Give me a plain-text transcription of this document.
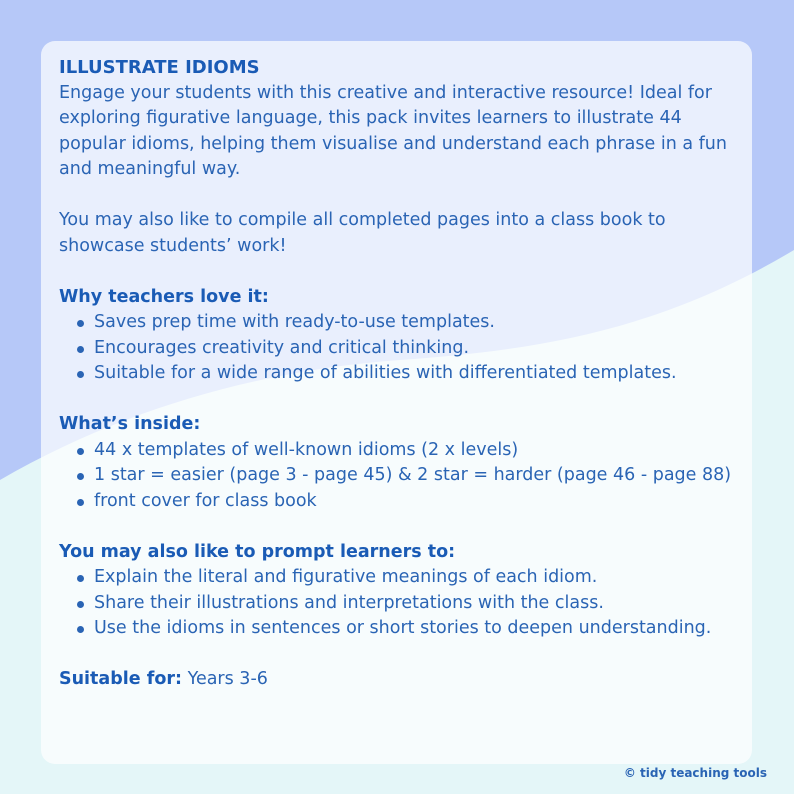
ILLUSTRATE IDIOMS

Engage your students with this creative and interactive resource! Ideal for exploring figurative language, this pack invites learners to illustrate 44 popular idioms, helping them visualise and understand each phrase in a fun and meaningful way.

You may also like to compile all completed pages into a class book to showcase students’ work!

Why teachers love it:

Saves prep time with ready-to-use templates.
Encourages creativity and critical thinking.
Suitable for a wide range of abilities with differentiated templates.

What’s inside:

44 x templates of well-known idioms (2 x levels)
1 star = easier (page 3 - page 45) & 2 star = harder (page 46 - page 88)
front cover for class book

You may also like to prompt learners to:

Explain the literal and figurative meanings of each idiom.
Share their illustrations and interpretations with the class.
Use the idioms in sentences or short stories to deepen understanding.

Suitable for: Years 3-6

© tidy teaching tools
